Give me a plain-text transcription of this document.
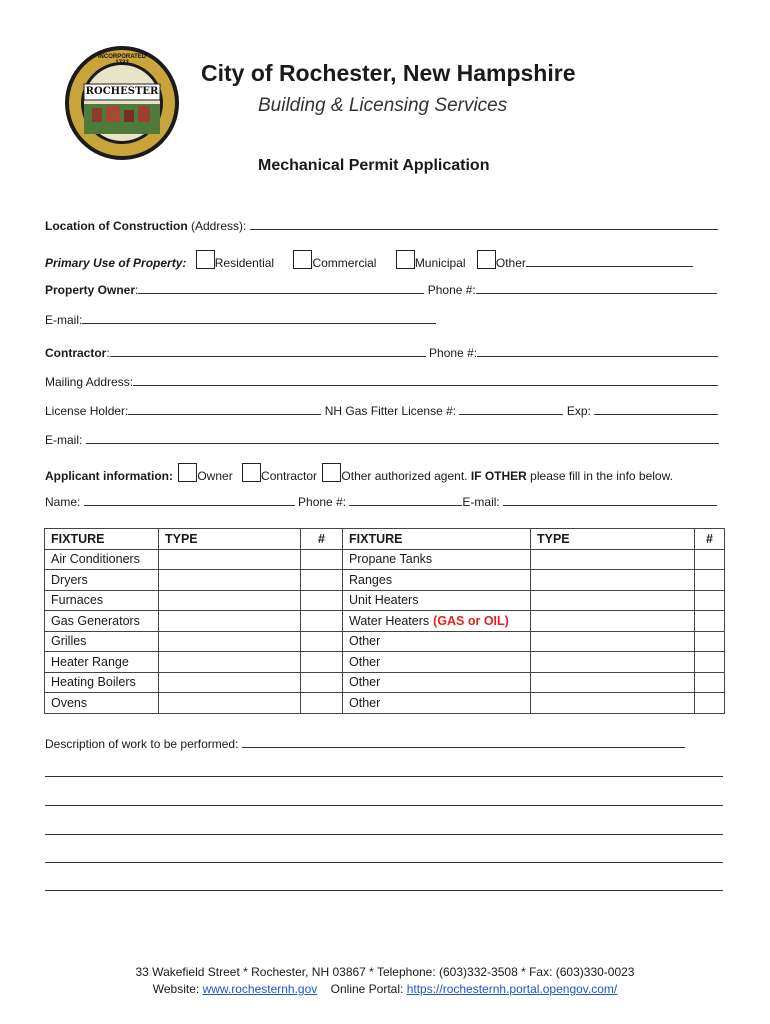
ROCHESTER
INCORPORATED 1722	City of Rochester, New Hampshire
Building & Licensing Services
Mechanical Permit Application
Location of Construction (Address):
Primary Use of Property: Residential	Commercial	Municipal	Other
Property Owner:	Phone #:
E-mail:
Contractor:	Phone #:
Mailing Address:
License Holder:	NH Gas Fitter License #:	Exp:
E-mail:
Applicant information: Owner Contractor Other authorized agent. IF OTHER please fill in the info below.
Name:	Phone #:	E-mail:
FIXTURE	TYPE	#	FIXTURE	TYPE	#
Air Conditioners			Propane Tanks		
Dryers			Ranges		
Furnaces			Unit Heaters		
Gas Generators			Water Heaters (GAS or OIL)		
Grilles			Other		
Heater Range			Other		
Heating Boilers			Other		
Ovens			Other		
Description of work to be performed:
33 Wakefield Street * Rochester, NH 03867 * Telephone: (603)332-3508 * Fax: (603)330-0023
Website: www.rochesternh.gov Online Portal: https://rochesternh.portal.opengov.com/
